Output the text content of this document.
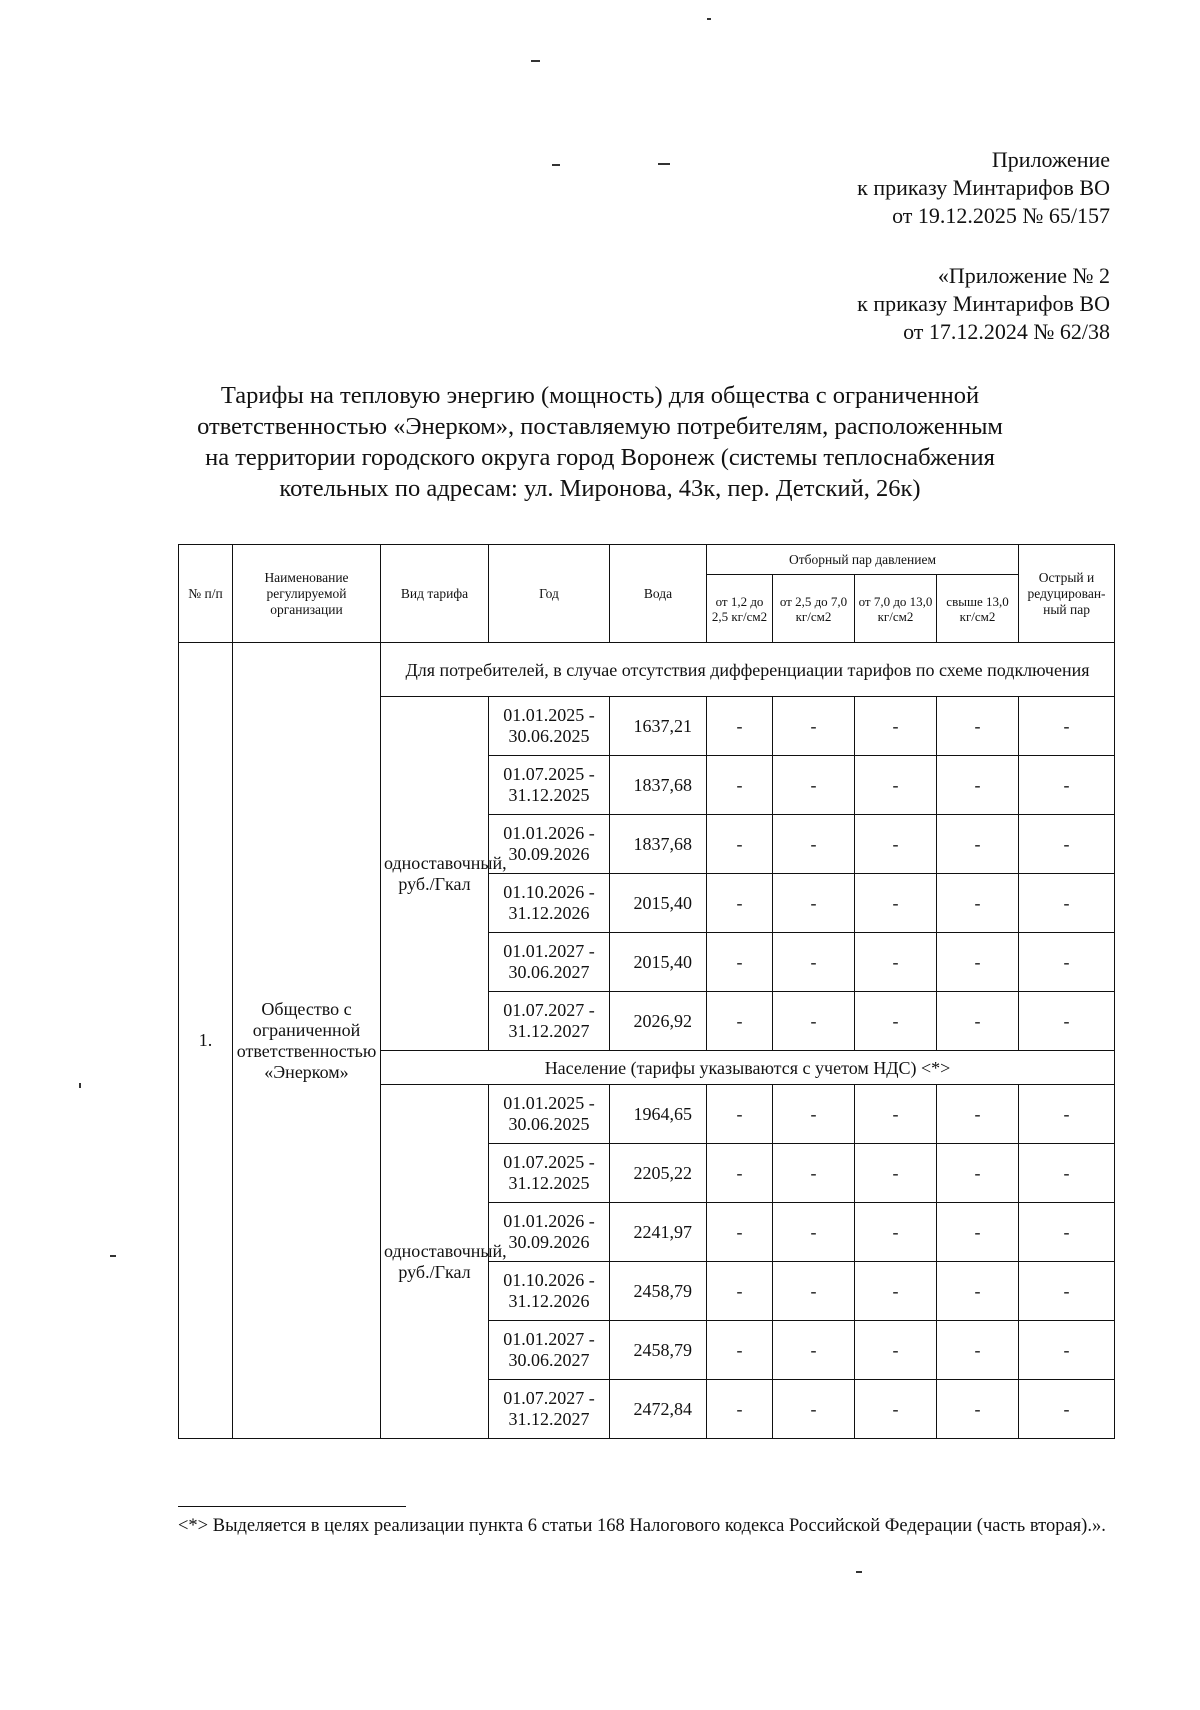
Приложение
к приказу Минтарифов ВО
от 19.12.2025 № 65/157
«Приложение № 2
к приказу Минтарифов ВО
от 17.12.2024 № 62/38
Тарифы на тепловую энергию (мощность) для общества с ограниченной
ответственностью «Энерком», поставляемую потребителям, расположенным
на территории городского округа город Воронеж (системы теплоснабжения
котельных по адресам: ул. Миронова, 43к, пер. Детский, 26к)
№ п/п	Наименование регулируемой организации	Вид тарифа	Год	Вода	Отборный пар давлением				Острый и редуцирован-ный пар
					от 1,2 до 2,5 кг/см2	от 2,5 до 7,0 кг/см2	от 7,0 до 13,0 кг/см2	свыше 13,0 кг/см2	
1.	Общество с ограниченной ответственностью «Энерком»	Для потребителей, в случае отсутствия дифференциации тарифов по схеме подключения							
		одноставочный, руб./Гкал	01.01.2025 - 30.06.2025	1637,21	-	-	-	-	-
			01.07.2025 - 31.12.2025	1837,68	-	-	-	-	-
			01.01.2026 - 30.09.2026	1837,68	-	-	-	-	-
			01.10.2026 - 31.12.2026	2015,40	-	-	-	-	-
			01.01.2027 - 30.06.2027	2015,40	-	-	-	-	-
			01.07.2027 - 31.12.2027	2026,92	-	-	-	-	-
		Население (тарифы указываются с учетом НДС) <*>							
		одноставочный, руб./Гкал	01.01.2025 - 30.06.2025	1964,65	-	-	-	-	-
			01.07.2025 - 31.12.2025	2205,22	-	-	-	-	-
			01.01.2026 - 30.09.2026	2241,97	-	-	-	-	-
			01.10.2026 - 31.12.2026	2458,79	-	-	-	-	-
			01.01.2027 - 30.06.2027	2458,79	-	-	-	-	-
			01.07.2027 - 31.12.2027	2472,84	-	-	-	-	-
<*> Выделяется в целях реализации пункта 6 статьи 168 Налогового кодекса Российской Федерации (часть вторая).».
